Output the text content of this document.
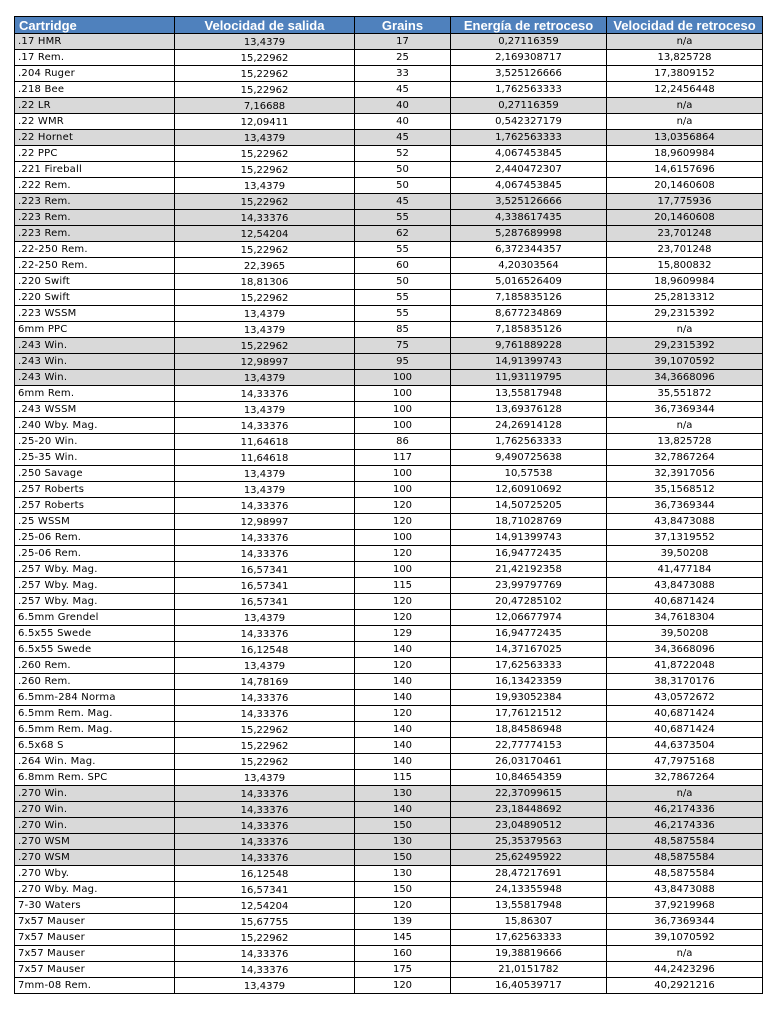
Cartridge	Velocidad de salida	Grains	Energía de retroceso	Velocidad de retroceso
.17 HMR	13,4379	17	0,27116359	n/a
.17 Rem.	15,22962	25	2,169308717	13,825728
.204 Ruger	15,22962	33	3,525126666	17,3809152
.218 Bee	15,22962	45	1,762563333	12,2456448
.22 LR	7,16688	40	0,27116359	n/a
.22 WMR	12,09411	40	0,542327179	n/a
.22 Hornet	13,4379	45	1,762563333	13,0356864
.22 PPC	15,22962	52	4,067453845	18,9609984
.221 Fireball	15,22962	50	2,440472307	14,6157696
.222 Rem.	13,4379	50	4,067453845	20,1460608
.223 Rem.	15,22962	45	3,525126666	17,775936
.223 Rem.	14,33376	55	4,338617435	20,1460608
.223 Rem.	12,54204	62	5,287689998	23,701248
.22-250 Rem.	15,22962	55	6,372344357	23,701248
.22-250 Rem.	22,3965	60	4,20303564	15,800832
.220 Swift	18,81306	50	5,016526409	18,9609984
.220 Swift	15,22962	55	7,185835126	25,2813312
.223 WSSM	13,4379	55	8,677234869	29,2315392
6mm PPC	13,4379	85	7,185835126	n/a
.243 Win.	15,22962	75	9,761889228	29,2315392
.243 Win.	12,98997	95	14,91399743	39,1070592
.243 Win.	13,4379	100	11,93119795	34,3668096
6mm Rem.	14,33376	100	13,55817948	35,551872
.243 WSSM	13,4379	100	13,69376128	36,7369344
.240 Wby. Mag.	14,33376	100	24,26914128	n/a
.25-20 Win.	11,64618	86	1,762563333	13,825728
.25-35 Win.	11,64618	117	9,490725638	32,7867264
.250 Savage	13,4379	100	10,57538	32,3917056
.257 Roberts	13,4379	100	12,60910692	35,1568512
.257 Roberts	14,33376	120	14,50725205	36,7369344
.25 WSSM	12,98997	120	18,71028769	43,8473088
.25-06 Rem.	14,33376	100	14,91399743	37,1319552
.25-06 Rem.	14,33376	120	16,94772435	39,50208
.257 Wby. Mag.	16,57341	100	21,42192358	41,477184
.257 Wby. Mag.	16,57341	115	23,99797769	43,8473088
.257 Wby. Mag.	16,57341	120	20,47285102	40,6871424
6.5mm Grendel	13,4379	120	12,06677974	34,7618304
6.5x55 Swede	14,33376	129	16,94772435	39,50208
6.5x55 Swede	16,12548	140	14,37167025	34,3668096
.260 Rem.	13,4379	120	17,62563333	41,8722048
.260 Rem.	14,78169	140	16,13423359	38,3170176
6.5mm-284 Norma	14,33376	140	19,93052384	43,0572672
6.5mm Rem. Mag.	14,33376	120	17,76121512	40,6871424
6.5mm Rem. Mag.	15,22962	140	18,84586948	40,6871424
6.5x68 S	15,22962	140	22,77774153	44,6373504
.264 Win. Mag.	15,22962	140	26,03170461	47,7975168
6.8mm Rem. SPC	13,4379	115	10,84654359	32,7867264
.270 Win.	14,33376	130	22,37099615	n/a
.270 Win.	14,33376	140	23,18448692	46,2174336
.270 Win.	14,33376	150	23,04890512	46,2174336
.270 WSM	14,33376	130	25,35379563	48,5875584
.270 WSM	14,33376	150	25,62495922	48,5875584
.270 Wby.	16,12548	130	28,47217691	48,5875584
.270 Wby. Mag.	16,57341	150	24,13355948	43,8473088
7-30 Waters	12,54204	120	13,55817948	37,9219968
7x57 Mauser	15,67755	139	15,86307	36,7369344
7x57 Mauser	15,22962	145	17,62563333	39,1070592
7x57 Mauser	14,33376	160	19,38819666	n/a
7x57 Mauser	14,33376	175	21,0151782	44,2423296
7mm-08 Rem.	13,4379	120	16,40539717	40,2921216
